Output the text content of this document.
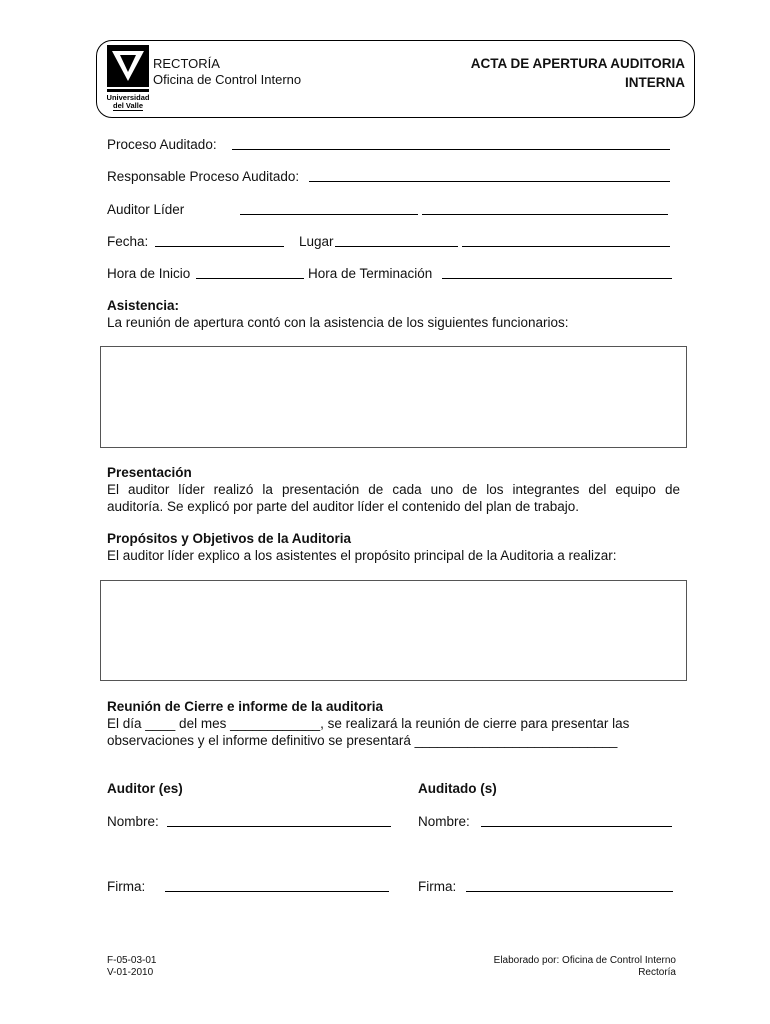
Universidad
del Valle
RECTORÍA
Oficina de Control Interno
ACTA DE APERTURA AUDITORIA
INTERNA
Proceso Auditado:
Responsable Proceso Auditado:
Auditor Líder
Fecha:	Lugar
Hora de Inicio	Hora de Terminación
Asistencia:
La reunión de apertura contó con la asistencia de los siguientes funcionarios:
Presentación
El auditor líder realizó la presentación de cada uno de los integrantes del equipo de
auditoría. Se explicó por parte del auditor líder el contenido del plan de trabajo.
Propósitos y Objetivos de la Auditoria
El auditor líder explico a los asistentes el propósito principal de la Auditoria a realizar:
Reunión de Cierre e informe de la auditoria
El día ____ del mes ____________, se realizará la reunión de cierre para presentar las
observaciones y el informe definitivo se presentará ___________________________
Auditor (es)	Auditado (s)
Nombre:	Nombre:
Firma:	Firma:
F-05-03-01
V-01-2010
Elaborado por: Oficina de Control Interno
Rectoría
